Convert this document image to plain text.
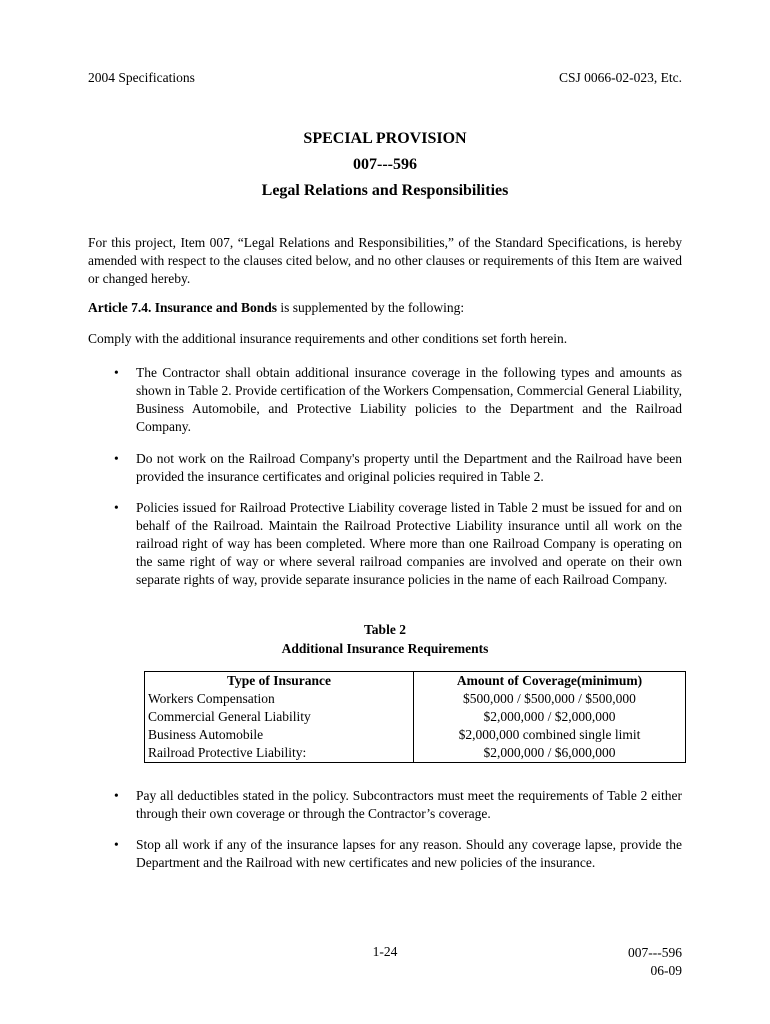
2004 Specifications	CSJ 0066-02-023, Etc.
SPECIAL PROVISION
007---596
Legal Relations and Responsibilities
For this project, Item 007, “Legal Relations and Responsibilities,” of the Standard Specifications, is hereby amended with respect to the clauses cited below, and no other clauses or requirements of this Item are waived or changed hereby.
Article 7.4. Insurance and Bonds is supplemented by the following:
Comply with the additional insurance requirements and other conditions set forth herein.
• The Contractor shall obtain additional insurance coverage in the following types and amounts as shown in Table 2. Provide certification of the Workers Compensation, Commercial General Liability, Business Automobile, and Protective Liability policies to the Department and the Railroad Company.
• Do not work on the Railroad Company's property until the Department and the Railroad have been provided the insurance certificates and original policies required in Table 2.
• Policies issued for Railroad Protective Liability coverage listed in Table 2 must be issued for and on behalf of the Railroad. Maintain the Railroad Protective Liability insurance until all work on the railroad right of way has been completed. Where more than one Railroad Company is operating on the same right of way or where several railroad companies are involved and operate on their own separate rights of way, provide separate insurance policies in the name of each Railroad Company.
Table 2
Additional Insurance Requirements
Type of Insurance	Amount of Coverage(minimum)
Workers Compensation	$500,000 / $500,000 / $500,000
Commercial General Liability	$2,000,000 / $2,000,000
Business Automobile	$2,000,000 combined single limit
Railroad Protective Liability:	$2,000,000 / $6,000,000
• Pay all deductibles stated in the policy. Subcontractors must meet the requirements of Table 2 either through their own coverage or through the Contractor’s coverage.
• Stop all work if any of the insurance lapses for any reason. Should any coverage lapse, provide the Department and the Railroad with new certificates and new policies of the insurance.
1-24	007---596
06-09
